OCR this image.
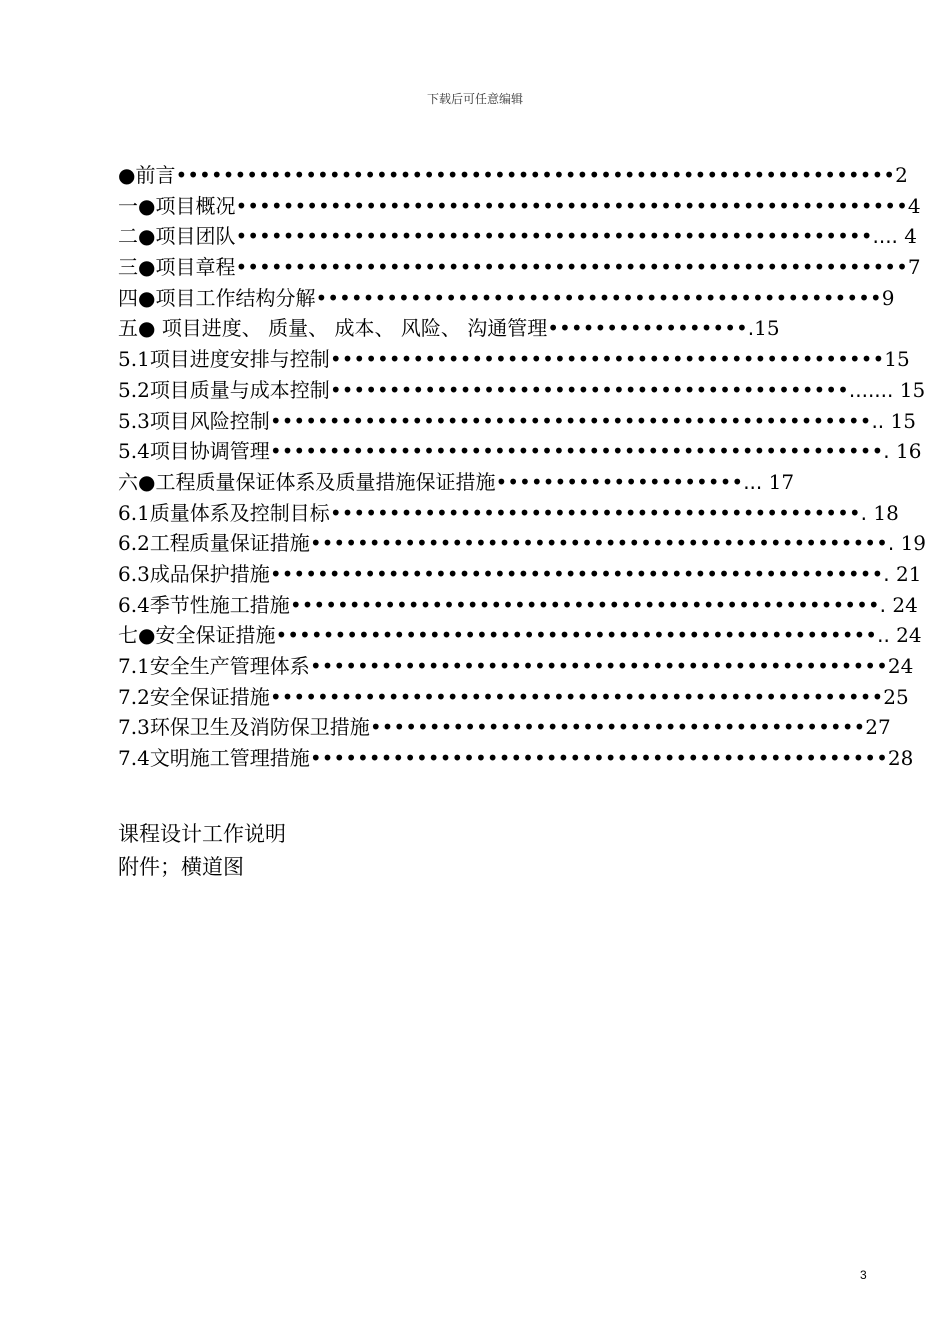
下载后可任意编辑
●前言•••••••••••••••••••••••••••••••••••••••••••••••••••••••••••••2
一●项目概况•••••••••••••••••••••••••••••••••••••••••••••••••••••••••4
二●项目团队••••••••••••••••••••••••••••••••••••••••••••••••••••••.... 4
三●项目章程•••••••••••••••••••••••••••••••••••••••••••••••••••••••••7
四●项目工作结构分解••••••••••••••••••••••••••••••••••••••••••••••••9
五● 项目进度、 质量、 成本、 风险、 沟通管理•••••••••••••••••.15
5.1项目进度安排与控制•••••••••••••••••••••••••••••••••••••••••••••••15
5.2项目质量与成本控制••••••••••••••••••••••••••••••••••••••••••••....... 15
5.3项目风险控制•••••••••••••••••••••••••••••••••••••••••••••••••••.. 15
5.4项目协调管理••••••••••••••••••••••••••••••••••••••••••••••••••••. 16
六●工程质量保证体系及质量措施保证措施•••••••••••••••••••••... 17
6.1质量体系及控制目标•••••••••••••••••••••••••••••••••••••••••••••. 18
6.2工程质量保证措施•••••••••••••••••••••••••••••••••••••••••••••••••. 19
6.3成品保护措施••••••••••••••••••••••••••••••••••••••••••••••••••••. 21
6.4季节性施工措施••••••••••••••••••••••••••••••••••••••••••••••••••. 24
七●安全保证措施•••••••••••••••••••••••••••••••••••••••••••••••••••.. 24
7.1安全生产管理体系•••••••••••••••••••••••••••••••••••••••••••••••••24
7.2安全保证措施••••••••••••••••••••••••••••••••••••••••••••••••••••25
7.3环保卫生及消防保卫措施••••••••••••••••••••••••••••••••••••••••••27
7.4文明施工管理措施•••••••••••••••••••••••••••••••••••••••••••••••••28
课程设计工作说明
附件；横道图
3
